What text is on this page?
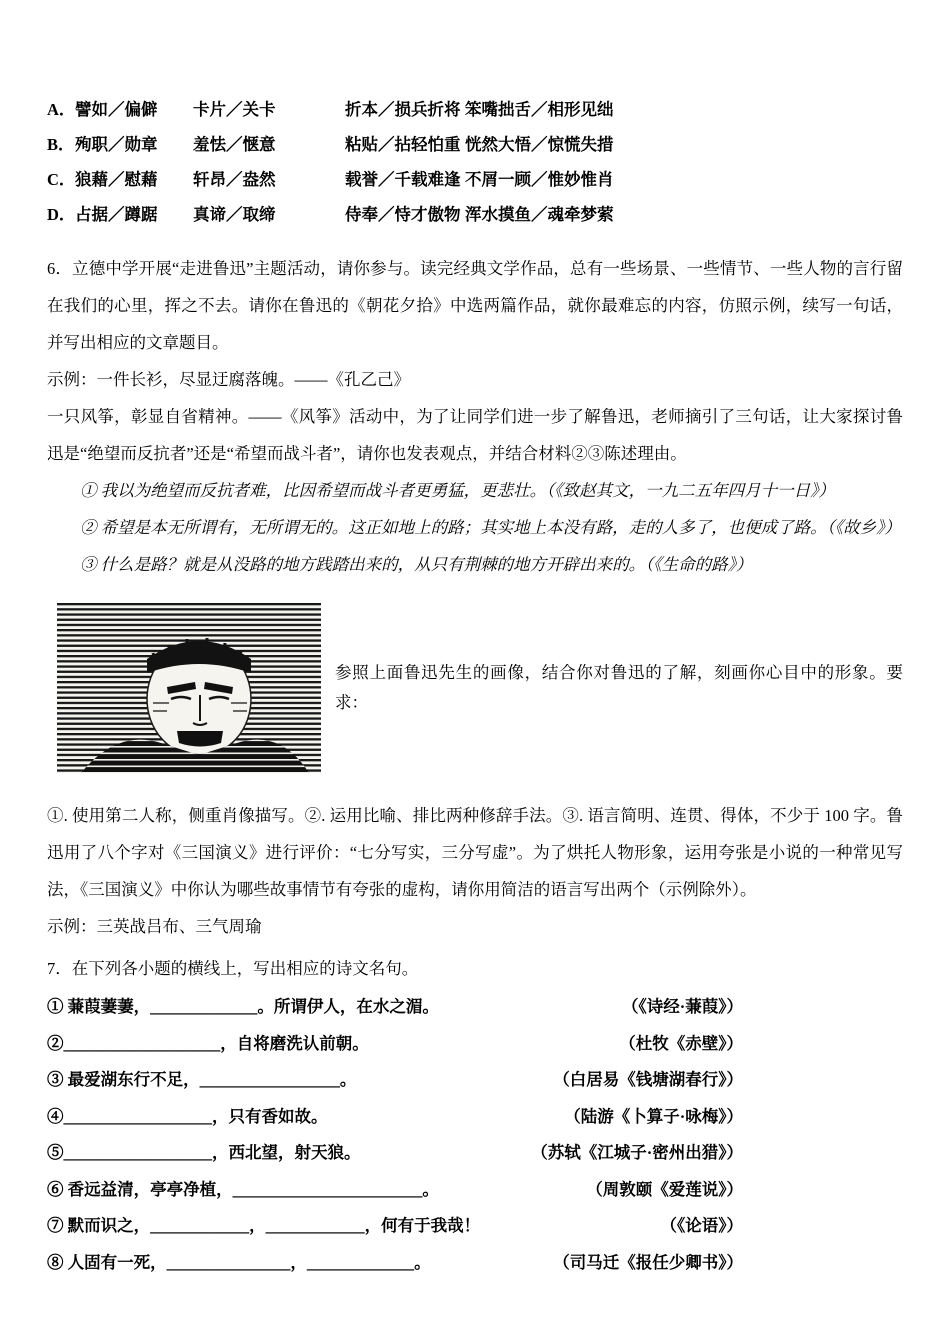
A． 譬如／偏僻	卡片／关卡	折本／损兵折将 笨嘴拙舌／相形见绌
B． 殉职／勋章	羞怯／惬意	粘贴／拈轻怕重 恍然大悟／惊慌失措
C． 狼藉／慰藉	轩昂／盎然	载誉／千载难逢 不屑一顾／惟妙惟肖
D． 占据／蹲踞	真谛／取缔	侍奉／恃才傲物 浑水摸鱼／魂牵梦萦

6．立德中学开展“走进鲁迅”主题活动，请你参与。读完经典文学作品，总有一些场景、一些情节、一些人物的言行留在我们的心里，挥之不去。请你在鲁迅的《朝花夕拾》中选两篇作品，就你最难忘的内容，仿照示例，续写一句话，并写出相应的文章题目。

示例：一件长衫，尽显迂腐落魄。——《孔乙己》

一只风筝，彰显自省精神。——《风筝》活动中，为了让同学们进一步了解鲁迅，老师摘引了三句话，让大家探讨鲁迅是“绝望而反抗者”还是“希望而战斗者”，请你也发表观点，并结合材料②③陈述理由。

① 我以为绝望而反抗者难，比因希望而战斗者更勇猛，更悲壮。（《致赵其文，一九二五年四月十一日》）

② 希望是本无所谓有，无所谓无的。这正如地上的路；其实地上本没有路，走的人多了，也便成了路。（《故乡》）

③ 什么是路？就是从没路的地方践踏出来的，从只有荆棘的地方开辟出来的。（《生命的路》）

参照上面鲁迅先生的画像，结合你对鲁迅的了解，刻画你心目中的形象。要求：

①. 使用第二人称，侧重肖像描写。②. 运用比喻、排比两种修辞手法。③. 语言简明、连贯、得体，不少于 100 字。鲁迅用了八个字对《三国演义》进行评价：“七分写实，三分写虚”。为了烘托人物形象，运用夸张是小说的一种常见写法，《三国演义》中你认为哪些故事情节有夸张的虚构，请你用简洁的语言写出两个（示例除外）。

示例：三英战吕布、三气周瑜

7．在下列各小题的横线上，写出相应的诗文名句。

① 蒹葭萋萋，_____________。所谓伊人，在水之湄。	（《诗经·蒹葭》）
②___________________，自将磨洗认前朝。	（杜牧《赤壁》）
③ 最爱湖东行不足，_________________。	（白居易《钱塘湖春行》）
④__________________，只有香如故。	（陆游《卜算子·咏梅》）
⑤__________________，西北望，射天狼。	（苏轼《江城子·密州出猎》）
⑥ 香远益清，亭亭净植，_______________________。	（周敦颐《爱莲说》）
⑦ 默而识之，____________，____________，何有于我哉！	（《论语》）
⑧ 人固有一死，_______________，_____________。	（司马迁《报任少卿书》）
